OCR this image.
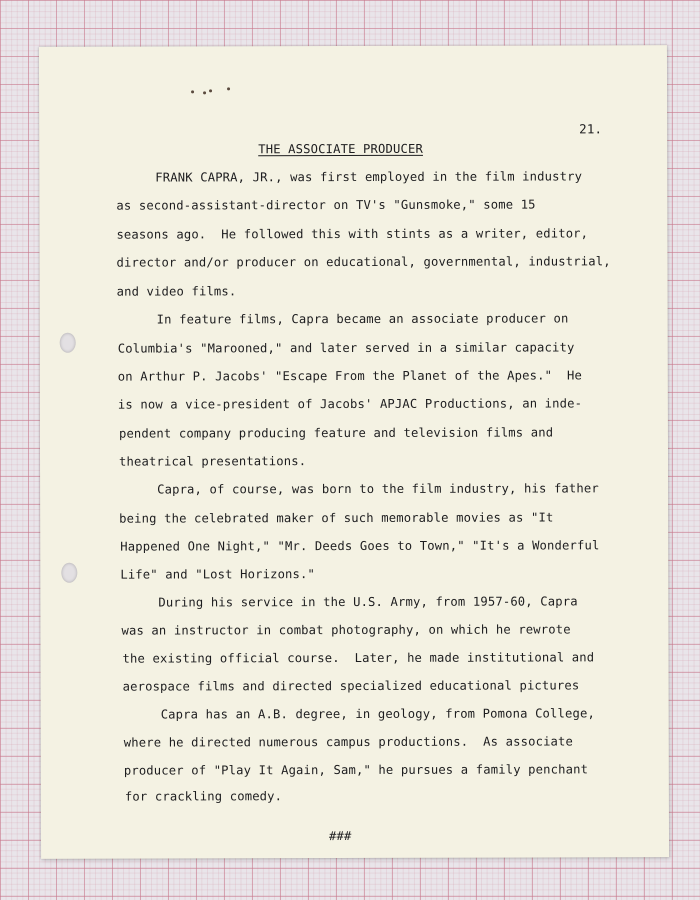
21.
THE ASSOCIATE PRODUCER
FRANK CAPRA, JR., was first employed in the film industry
as second-assistant-director on TV's "Gunsmoke," some 15
seasons ago.  He followed this with stints as a writer, editor,
director and/or producer on educational, governmental, industrial,
and video films.
In feature films, Capra became an associate producer on
Columbia's "Marooned," and later served in a similar capacity
on Arthur P. Jacobs' "Escape From the Planet of the Apes."  He
is now a vice-president of Jacobs' APJAC Productions, an inde-
pendent company producing feature and television films and
theatrical presentations.
Capra, of course, was born to the film industry, his father
being the celebrated maker of such memorable movies as "It
Happened One Night," "Mr. Deeds Goes to Town," "It's a Wonderful
Life" and "Lost Horizons."
During his service in the U.S. Army, from 1957-60, Capra
was an instructor in combat photography, on which he rewrote
the existing official course.  Later, he made institutional and
aerospace films and directed specialized educational pictures
Capra has an A.B. degree, in geology, from Pomona College,
where he directed numerous campus productions.  As associate
producer of "Play It Again, Sam," he pursues a family penchant
for crackling comedy.
###
